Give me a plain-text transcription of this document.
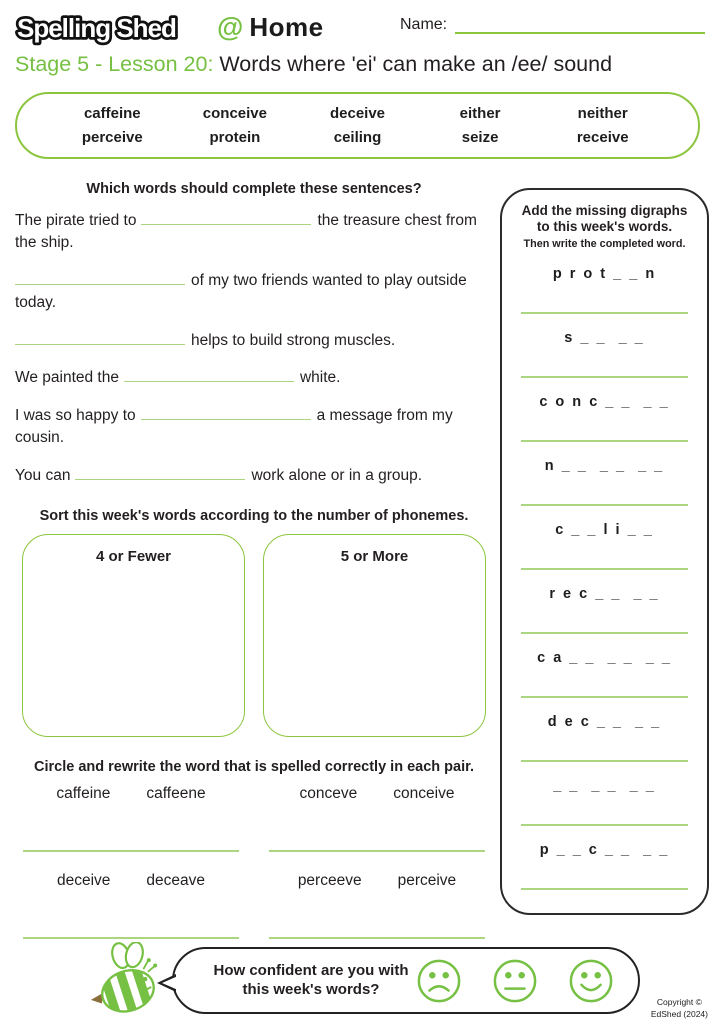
Spelling Shed @ Home	Name:
Stage 5 - Lesson 20: Words where 'ei' can make an /ee/ sound
caffeine	conceive	deceive	either	neither
perceive	protein	ceiling	seize	receive
Which words should complete these sentences?

The pirate tried to	the treasure chest from the ship.

of my two friends wanted to play outside today.

helps to build strong muscles.

We painted the	white.

I was so happy to	a message from my cousin.

You can	work alone or in a group.

Sort this week's words according to the number of phonemes.
4 or Fewer	5 or More
Circle and rewrite the word that is spelled correctly in each pair.
caffeine caffeene	conceve conceive
deceive deceave	perceeve perceive
Add the missing digraphs to this week's words.
Then write the completed word.
p r o t _ _ n
s _ _  _ _
c o n c _ _  _ _
n _ _  _ _  _ _
c _ _ l i _ _
r e c _ _  _ _
c a _ _  _ _  _ _
d e c _ _  _ _
_ _  _ _  _ _
p _ _ c _ _  _ _
How confident are you with
this week's words?
Copyright ©
EdShed (2024)
